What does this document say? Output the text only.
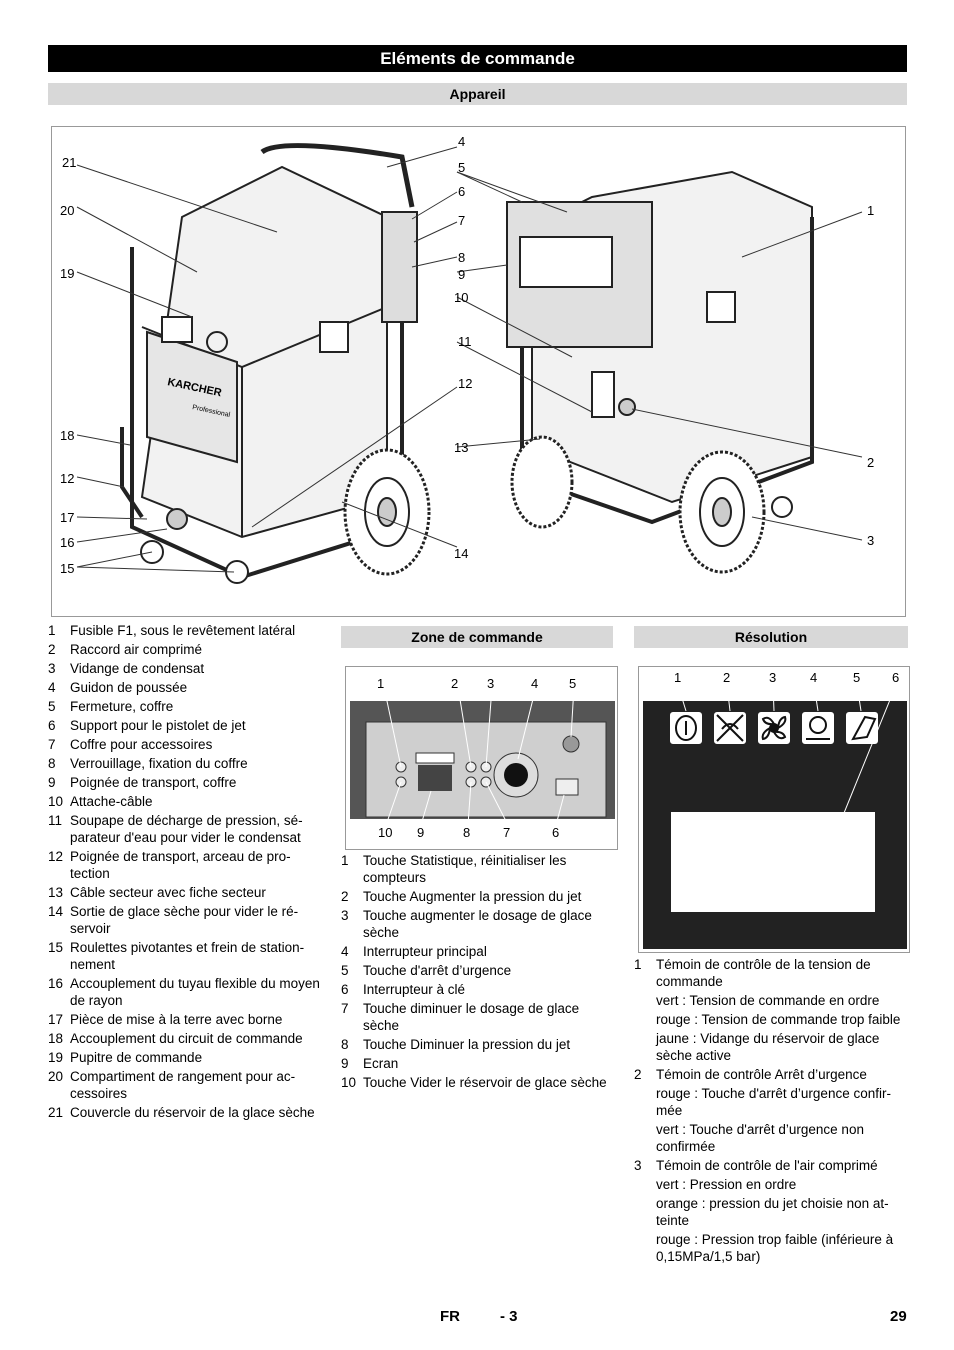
Eléments de commande
Appareil
KARCHER
Professional
21
20
19
18
12
17
16
15
4
5
6
7
8
9
10
11
12
13
14
1
2
3
1	Fusible F1, sous le revêtement latéral
2	Raccord air comprimé
3	Vidange de condensat
4	Guidon de poussée
5	Fermeture, coffre
6	Support pour le pistolet de jet
7	Coffre pour accessoires
8	Verrouillage, fixation du coffre
9	Poignée de transport, coffre
10 Attache-câble
11 Soupape de décharge de pression, sé-parateur d'eau pour vider le condensat
12 Poignée de transport, arceau de pro-tection
13 Câble secteur avec fiche secteur
14 Sortie de glace sèche pour vider le ré-servoir
15 Roulettes pivotantes et frein de station-nement
16 Accouplement du tuyau flexible du moyen de rayon
17 Pièce de mise à la terre avec borne
18 Accouplement du circuit de commande
19 Pupitre de commande
20 Compartiment de rangement pour ac-cessoires
21 Couvercle du réservoir de la glace sèche
Zone de commande
1	2 3	4 5
10 9	8	7	6
1	Touche Statistique, réinitialiser les compteurs
2	Touche Augmenter la pression du jet
3	Touche augmenter le dosage de glace sèche
4	Interrupteur principal
5	Touche d'arrêt d’urgence
6	Interrupteur à clé
7	Touche diminuer le dosage de glace sèche
8	Touche Diminuer la pression du jet
9	Ecran
10 Touche Vider le réservoir de glace sèche
Résolution
1	2	3	4	5 6
1	Témoin de contrôle de la tension de commande
vert : Tension de commande en ordre
rouge : Tension de commande trop faible
jaune : Vidange du réservoir de glace sèche active
2	Témoin de contrôle Arrêt d’urgence
rouge : Touche d'arrêt d’urgence confir-mée
vert : Touche d'arrêt d’urgence non confirmée
3	Témoin de contrôle de l'air comprimé
vert : Pression en ordre
orange : pression du jet choisie non at-teinte
rouge : Pression trop faible (inférieure à 0,15MPa/1,5 bar)
FR	- 3	29
